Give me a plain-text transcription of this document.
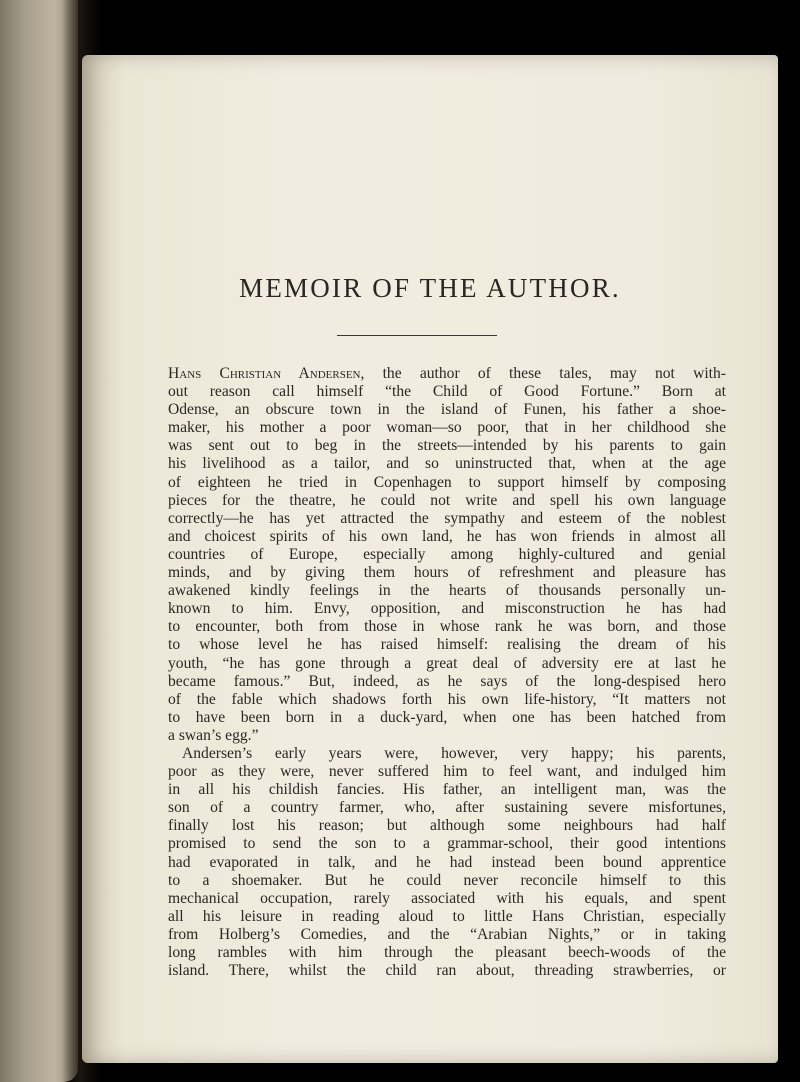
MEMOIR OF THE AUTHOR.
Hans Christian Andersen, the author of these tales, may not with-
out reason call himself “the Child of Good Fortune.” Born at
Odense, an obscure town in the island of Funen, his father a shoe-
maker, his mother a poor woman—so poor, that in her childhood she
was sent out to beg in the streets—intended by his parents to gain
his livelihood as a tailor, and so uninstructed that, when at the age
of eighteen he tried in Copenhagen to support himself by composing
pieces for the theatre, he could not write and spell his own language
correctly—he has yet attracted the sympathy and esteem of the noblest
and choicest spirits of his own land, he has won friends in almost all
countries of Europe, especially among highly-cultured and genial
minds, and by giving them hours of refreshment and pleasure has
awakened kindly feelings in the hearts of thousands personally un-
known to him. Envy, opposition, and misconstruction he has had
to encounter, both from those in whose rank he was born, and those
to whose level he has raised himself: realising the dream of his
youth, “he has gone through a great deal of adversity ere at last he
became famous.” But, indeed, as he says of the long-despised hero
of the fable which shadows forth his own life-history, “It matters not
to have been born in a duck-yard, when one has been hatched from
a swan’s egg.”
Andersen’s early years were, however, very happy; his parents,
poor as they were, never suffered him to feel want, and indulged him
in all his childish fancies. His father, an intelligent man, was the
son of a country farmer, who, after sustaining severe misfortunes,
finally lost his reason; but although some neighbours had half
promised to send the son to a grammar-school, their good intentions
had evaporated in talk, and he had instead been bound apprentice
to a shoemaker. But he could never reconcile himself to this
mechanical occupation, rarely associated with his equals, and spent
all his leisure in reading aloud to little Hans Christian, especially
from Holberg’s Comedies, and the “Arabian Nights,” or in taking
long rambles with him through the pleasant beech-woods of the
island. There, whilst the child ran about, threading strawberries, or
